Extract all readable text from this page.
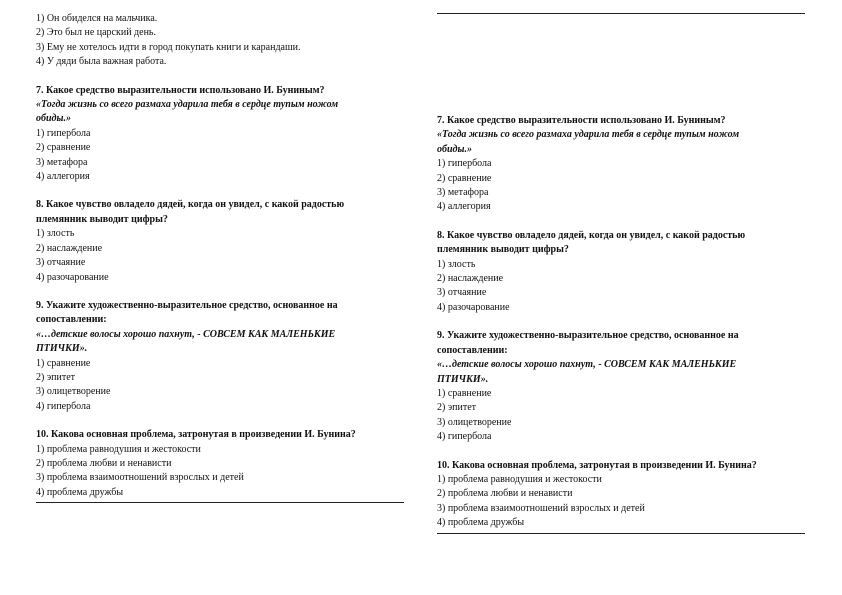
1) Он обиделся на мальчика.
2) Это был не царский день.
3) Ему не хотелось идти в город покупать книги и карандаши.
4) У дяди была важная работа.
7. Какое средство выразительности использовано И. Буниным?
«Тогда жизнь со всего размаха ударила тебя в сердце тупым ножом
обиды.»
1) гипербола
2) сравнение
3) метафора
4) аллегория
8. Какое чувство овладело дядей, когда он увидел, с какой радостью
племянник выводит цифры?
1) злость
2) наслаждение
3) отчаяние
4) разочарование
9. Укажите художественно-выразительное средство, основанное на
сопоставлении:
«…детские волосы хорошо пахнут, - СОВСЕМ КАК МАЛЕНЬКИЕ
ПТИЧКИ».
1) сравнение
2) эпитет
3) олицетворение
4) гипербола
10. Какова основная проблема, затронутая в произведении И. Бунина?
1) проблема равнодушия и жестокости
2) проблема любви и ненависти
3) проблема взаимоотношений взрослых и детей
4) проблема дружбы
7. Какое средство выразительности использовано И. Буниным?
«Тогда жизнь со всего размаха ударила тебя в сердце тупым ножом
обиды.»
1) гипербола
2) сравнение
3) метафора
4) аллегория
8. Какое чувство овладело дядей, когда он увидел, с какой радостью
племянник выводит цифры?
1) злость
2) наслаждение
3) отчаяние
4) разочарование
9. Укажите художественно-выразительное средство, основанное на
сопоставлении:
«…детские волосы хорошо пахнут, - СОВСЕМ КАК МАЛЕНЬКИЕ
ПТИЧКИ».
1) сравнение
2) эпитет
3) олицетворение
4) гипербола
10. Какова основная проблема, затронутая в произведении И. Бунина?
1) проблема равнодушия и жестокости
2) проблема любви и ненависти
3) проблема взаимоотношений взрослых и детей
4) проблема дружбы
